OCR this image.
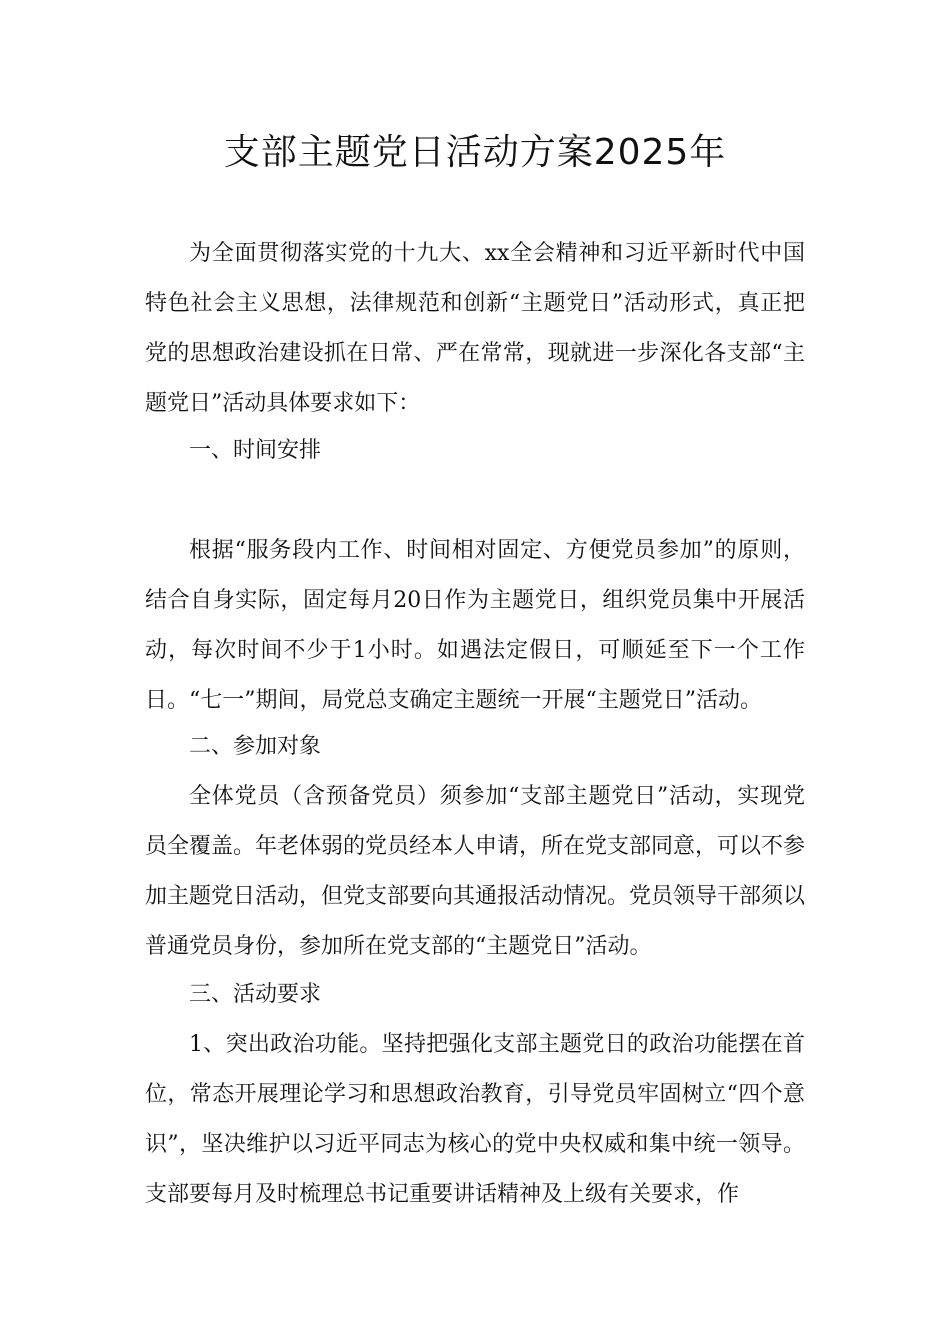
支部主题党日活动方案2025年

为全面贯彻落实党的十九大、xx全会精神和习近平新时代中国特色社会主义思想，法律规范和创新“主题党日”活动形式，真正把党的思想政治建设抓在日常、严在常常，现就进一步深化各支部“主题党日”活动具体要求如下：

一、时间安排

根据“服务段内工作、时间相对固定、方便党员参加”的原则，结合自身实际，固定每月20日作为主题党日，组织党员集中开展活动，每次时间不少于1小时。如遇法定假日，可顺延至下一个工作日。“七一”期间，局党总支确定主题统一开展“主题党日”活动。

二、参加对象

全体党员（含预备党员）须参加“支部主题党日”活动，实现党员全覆盖。年老体弱的党员经本人申请，所在党支部同意，可以不参加主题党日活动，但党支部要向其通报活动情况。党员领导干部须以普通党员身份，参加所在党支部的“主题党日”活动。

三、活动要求

1、突出政治功能。坚持把强化支部主题党日的政治功能摆在首位，常态开展理论学习和思想政治教育，引导党员牢固树立“四个意识”，坚决维护以习近平同志为核心的党中央权威和集中统一领导。支部要每月及时梳理总书记重要讲话精神及上级有关要求，作
